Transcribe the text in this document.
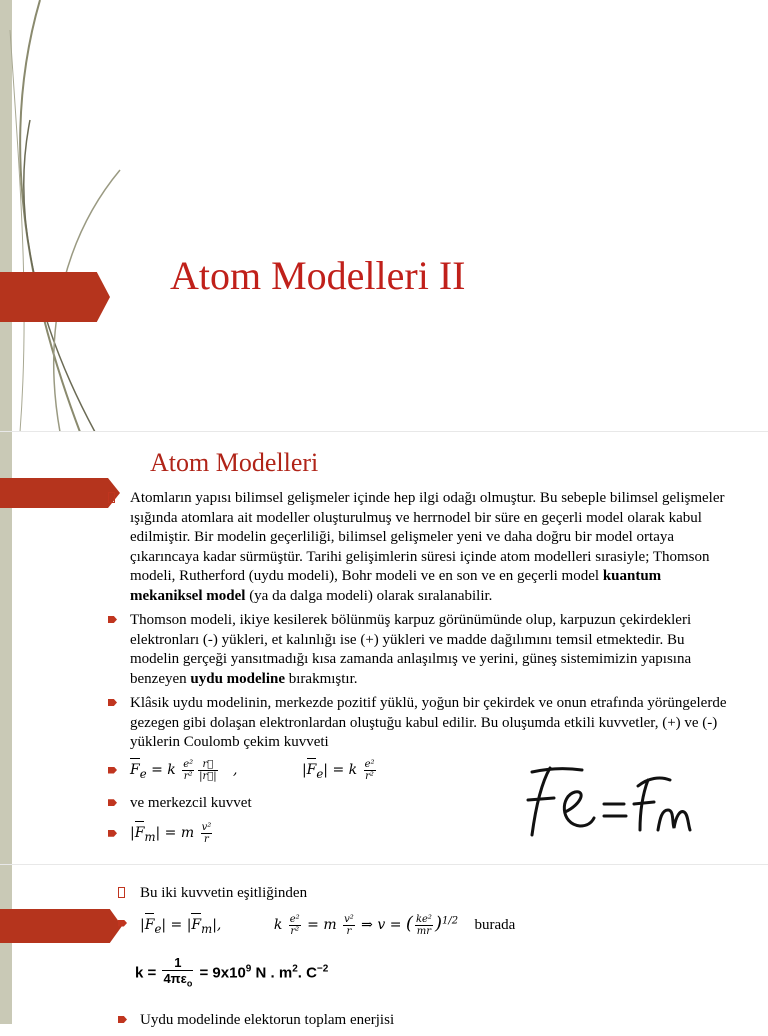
Atom Modelleri II
Atom Modelleri
Atomların yapısı bilimsel gelişmeler içinde hep ilgi odağı olmuştur. Bu sebeple bilimsel gelişmeler ışığında atomlara ait modeller oluşturulmuş ve herrnodel bir süre en geçerli model olarak kabul edilmiştir. Bir modelin geçerliliği, bilimsel gelişmeler yeni ve daha doğru bir model ortaya çıkarıncaya kadar sürmüştür. Tarihi gelişimlerin süresi içinde atom modelleri sırasiyle; Thomson modeli, Rutherford (uydu modeli), Bohr modeli ve en son ve en geçerli model kuantum mekaniksel model (ya da dalga modeli) olarak sıralanabilir.
Thomson modeli, ikiye kesilerek bölünmüş karpuz görünümünde olup, karpuzun çekirdekleri elektronları (-) yükleri, et kalınlığı ise (+) yükleri ve madde dağılımını temsil etmektedir. Bu modelin gerçeği yansıtmadığı kısa zamanda anlaşılmış ve yerini, güneş sistemimizin yapısına benzeyen uydu modeline bırakmıştır.
Klâsik uydu modelinin, merkezde pozitif yüklü, yoğun bir çekirdek ve onun etrafında yörüngelerde gezegen gibi dolaşan elektronlardan oluştuğu kabul edilir. Bu oluşumda etkili kuvvetler, (+) ve (-) yüklerin Coulomb çekim kuvveti
$F_e = k \frac{\text{e²}}{\text{r²}} \frac{r⃗}{|r⃗|}$ ,	$|F_e| = k \frac{\text{e²}}{\text{r²}}$
ve merkezcil kuvvet
$|F_m| = m \frac{\text{v²}}{r}$
Bu iki kuvvetin eşitliğinden
$|F_e| = |F_m|$,	k $\frac{\text{e²}}{\text{r²}} = m \frac{\text{v²}}{r}$ ⇒ v = ( $\frac{\text{ke²}}{mr} )^{1/2}$ burada
$k = \frac{1}{4\pi\varepsilon_o} = 9x10^9$ N . $m^2$. $C^{-2}$
Uydu modelinde elektorun toplam enerjisi
